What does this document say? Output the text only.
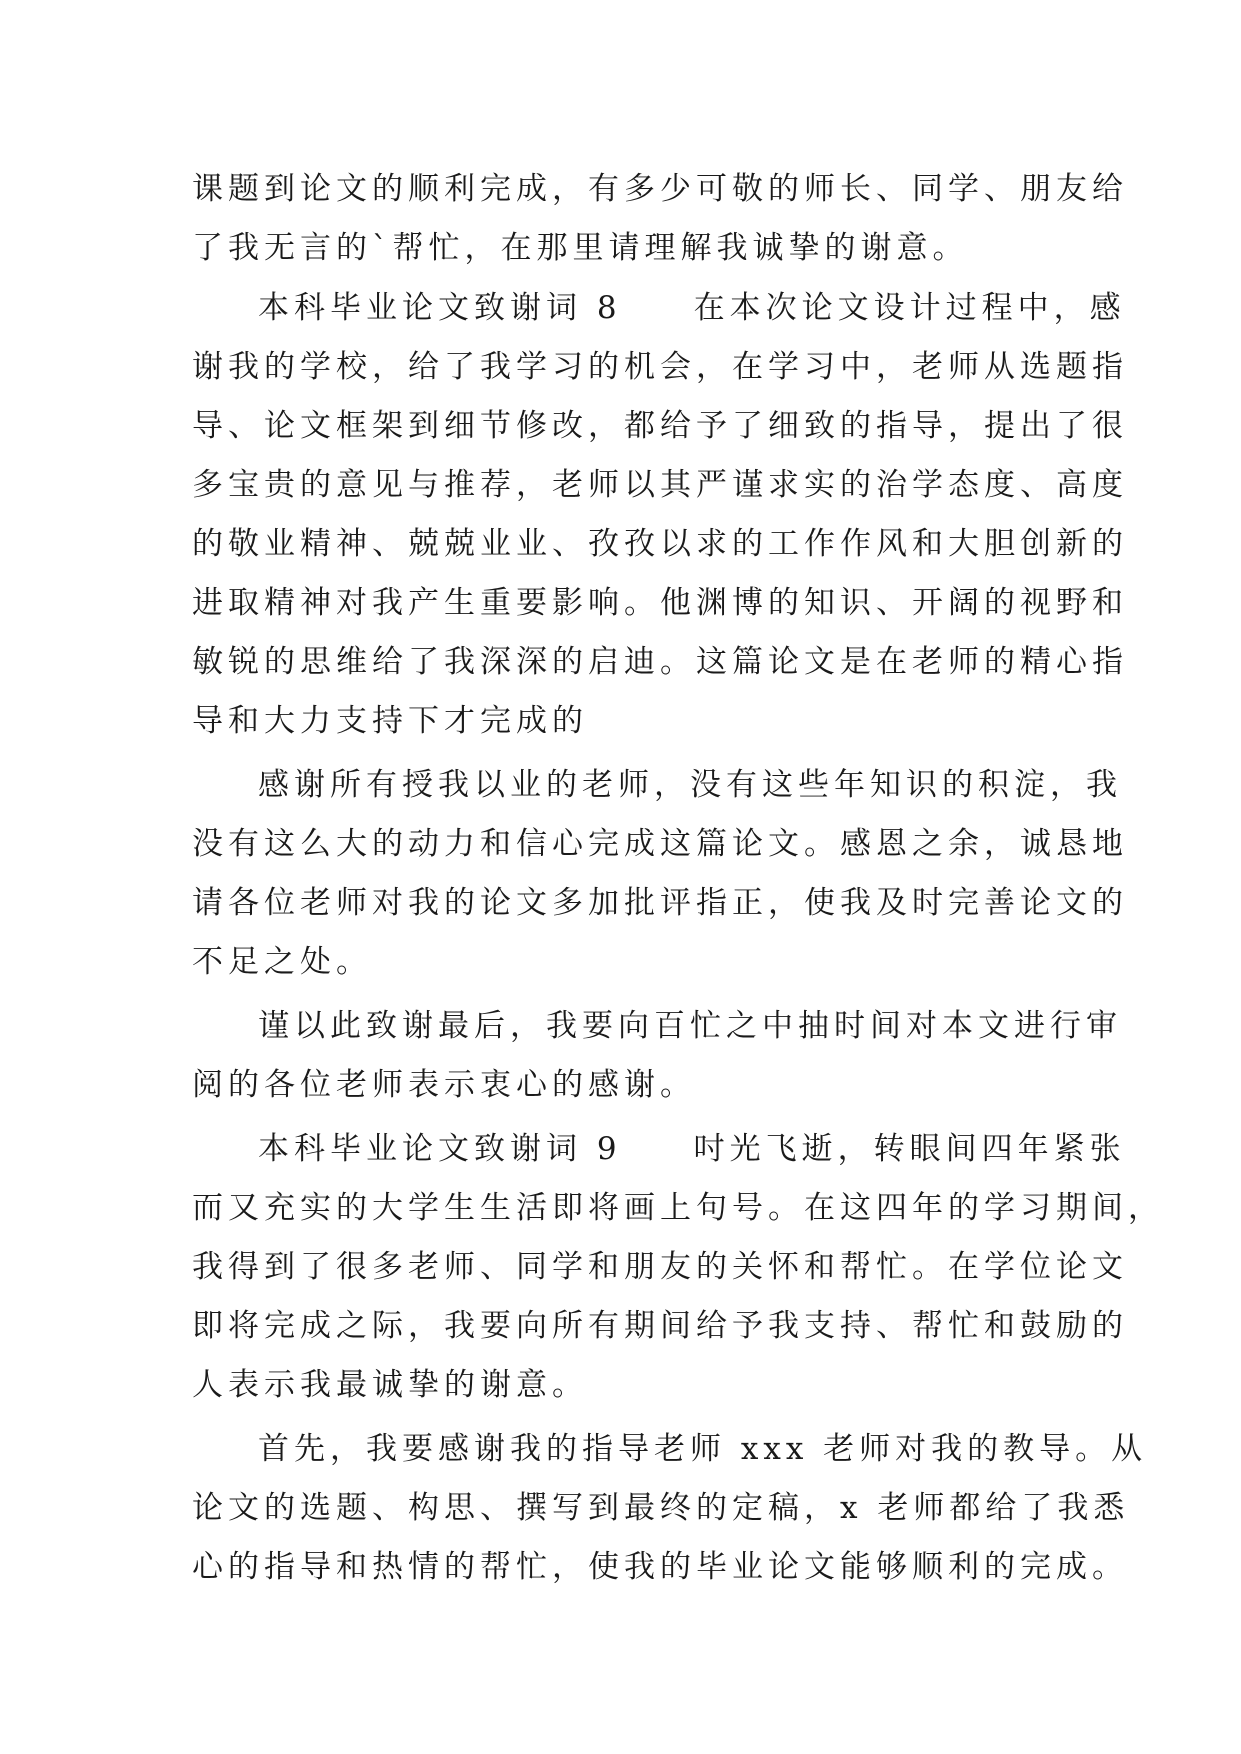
课题到论文的顺利完成，有多少可敬的师长、同学、朋友给
了我无言的`帮忙，在那里请理解我诚挚的谢意。
本科毕业论文致谢词 8　　在本次论文设计过程中，感
谢我的学校，给了我学习的机会，在学习中，老师从选题指
导、论文框架到细节修改，都给予了细致的指导，提出了很
多宝贵的意见与推荐，老师以其严谨求实的治学态度、高度
的敬业精神、兢兢业业、孜孜以求的工作作风和大胆创新的
进取精神对我产生重要影响。他渊博的知识、开阔的视野和
敏锐的思维给了我深深的启迪。这篇论文是在老师的精心指
导和大力支持下才完成的
感谢所有授我以业的老师，没有这些年知识的积淀，我
没有这么大的动力和信心完成这篇论文。感恩之余，诚恳地
请各位老师对我的论文多加批评指正，使我及时完善论文的
不足之处。
谨以此致谢最后，我要向百忙之中抽时间对本文进行审
阅的各位老师表示衷心的感谢。
本科毕业论文致谢词 9　　吋光飞逝，转眼间四年紧张
而又充实的大学生生活即将画上句号。在这四年的学习期间，
我得到了很多老师、同学和朋友的关怀和帮忙。在学位论文
即将完成之际，我要向所有期间给予我支持、帮忙和鼓励的
人表示我最诚挚的谢意。
首先，我要感谢我的指导老师 xxx 老师对我的教导。从
论文的选题、构思、撰写到最终的定稿，x 老师都给了我悉
心的指导和热情的帮忙，使我的毕业论文能够顺利的完成。
